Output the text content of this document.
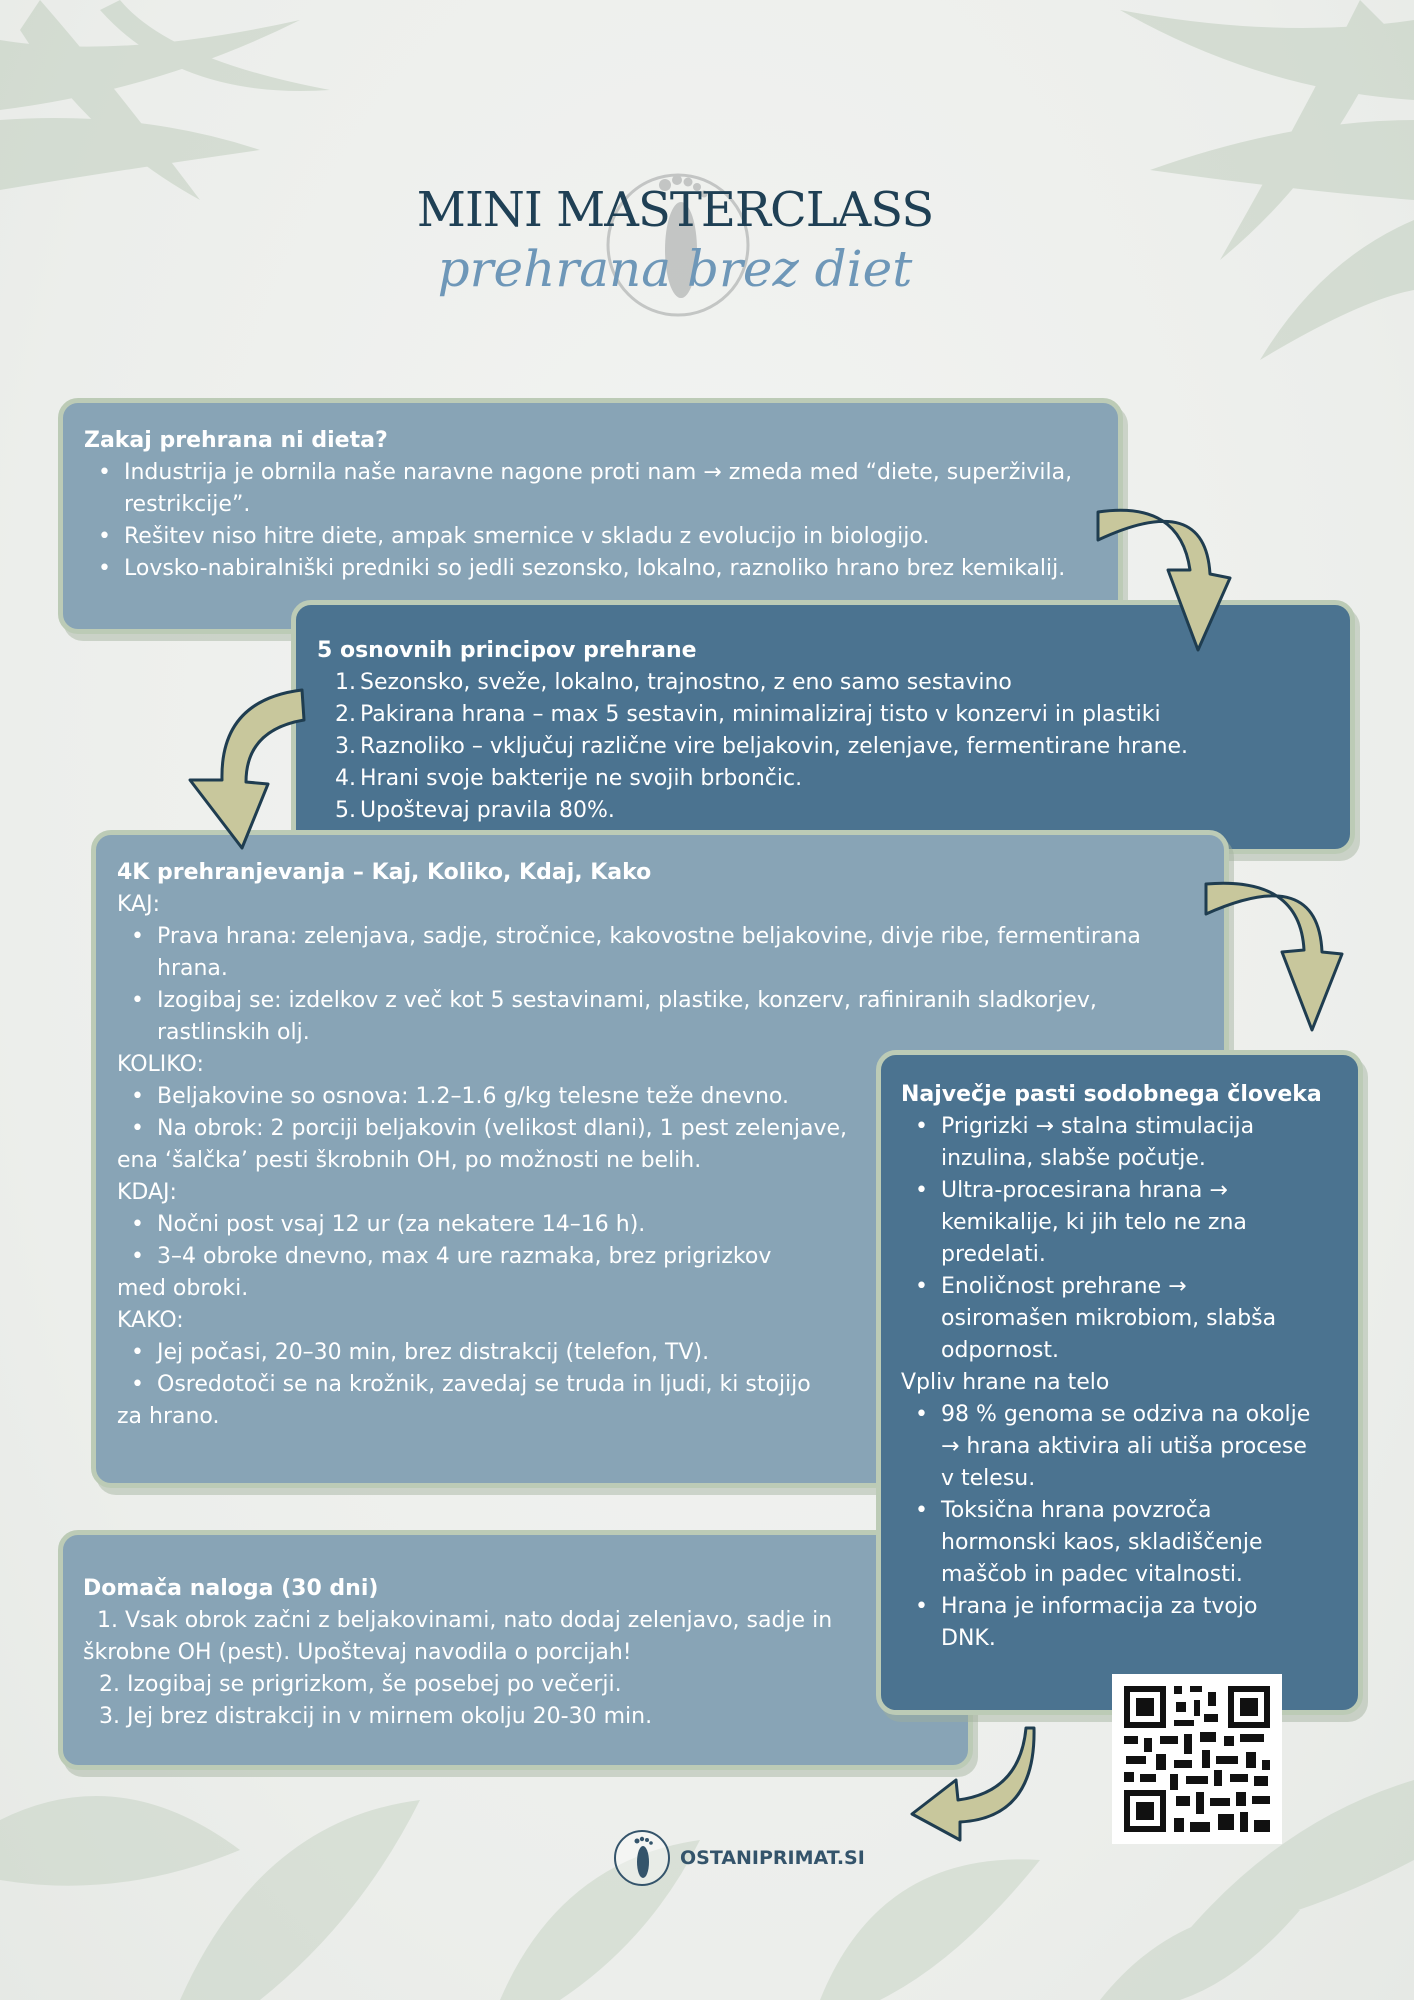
MINI MASTERCLASS
prehrana brez diet
Zakaj prehrana ni dieta?
• Industrija je obrnila naše naravne nagone proti nam → zmeda med “diete, superživila,
restrikcije”.
• Rešitev niso hitre diete, ampak smernice v skladu z evolucijo in biologijo.
• Lovsko-nabiralniški predniki so jedli sezonsko, lokalno, raznoliko hrano brez kemikalij.
5 osnovnih principov prehrane
1. Sezonsko, sveže, lokalno, trajnostno, z eno samo sestavino
2. Pakirana hrana – max 5 sestavin, minimaliziraj tisto v konzervi in plastiki
3. Raznoliko – vključuj različne vire beljakovin, zelenjave, fermentirane hrane.
4. Hrani svoje bakterije ne svojih brbončic.
5. Upoštevaj pravila 80%.
4K prehranjevanja – Kaj, Koliko, Kdaj, Kako
KAJ:
• Prava hrana: zelenjava, sadje, stročnice, kakovostne beljakovine, divje ribe, fermentirana
hrana.
• Izogibaj se: izdelkov z več kot 5 sestavinami, plastike, konzerv, rafiniranih sladkorjev,
rastlinskih olj.
KOLIKO:
• Beljakovine so osnova: 1.2–1.6 g/kg telesne teže dnevno.
• Na obrok: 2 porciji beljakovin (velikost dlani), 1 pest zelenjave,
ena ‘šalčka’ pesti škrobnih OH, po možnosti ne belih.
KDAJ:
• Nočni post vsaj 12 ur (za nekatere 14–16 h).
• 3–4 obroke dnevno, max 4 ure razmaka, brez prigrizkov
med obroki.
KAKO:
• Jej počasi, 20–30 min, brez distrakcij (telefon, TV).
• Osredotoči se na krožnik, zavedaj se truda in ljudi, ki stojijo
za hrano.
Domača naloga (30 dni)
1. Vsak obrok začni z beljakovinami, nato dodaj zelenjavo, sadje in
škrobne OH (pest). Upoštevaj navodila o porcijah!
2. Izogibaj se prigrizkom, še posebej po večerji.
3. Jej brez distrakcij in v mirnem okolju 20-30 min.
Največje pasti sodobnega človeka
• Prigrizki → stalna stimulacija
inzulina, slabše počutje.
• Ultra-procesirana hrana →
kemikalije, ki jih telo ne zna
predelati.
• Enoličnost prehrane →
osiromašen mikrobiom, slabša
odpornost.
Vpliv hrane na telo
• 98 % genoma se odziva na okolje
→ hrana aktivira ali utiša procese
v telesu.
• Toksična hrana povzroča
hormonski kaos, skladiščenje
maščob in padec vitalnosti.
• Hrana je informacija za tvojo
DNK.
OSTANIPRIMAT.SI
